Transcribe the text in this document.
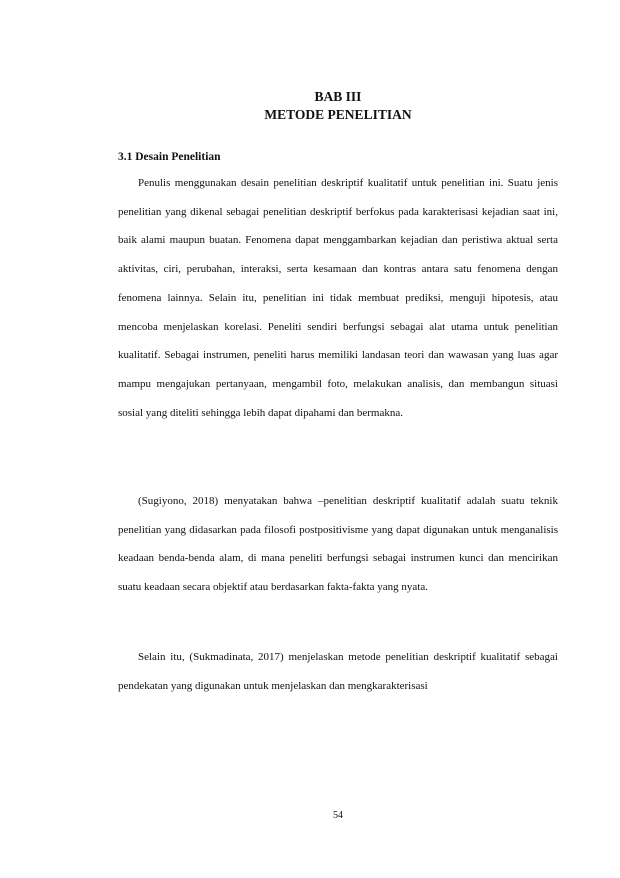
BAB III
METODE PENELITIAN
3.1 Desain Penelitian

Penulis menggunakan desain penelitian deskriptif kualitatif untuk penelitian ini. Suatu jenis penelitian yang dikenal sebagai penelitian deskriptif berfokus pada karakterisasi kejadian saat ini, baik alami maupun buatan. Fenomena dapat menggambarkan kejadian dan peristiwa aktual serta aktivitas, ciri, perubahan, interaksi, serta kesamaan dan kontras antara satu fenomena dengan fenomena lainnya. Selain itu, penelitian ini tidak membuat prediksi, menguji hipotesis, atau mencoba menjelaskan korelasi. Peneliti sendiri berfungsi sebagai alat utama untuk penelitian kualitatif. Sebagai instrumen, peneliti harus memiliki landasan teori dan wawasan yang luas agar mampu mengajukan pertanyaan, mengambil foto, melakukan analisis, dan membangun situasi sosial yang diteliti sehingga lebih dapat dipahami dan bermakna.

(Sugiyono, 2018) menyatakan bahwa –penelitian deskriptif kualitatif adalah suatu teknik penelitian yang didasarkan pada filosofi postpositivisme yang dapat digunakan untuk menganalisis keadaan benda-benda alam, di mana peneliti berfungsi sebagai instrumen kunci dan mencirikan suatu keadaan secara objektif atau berdasarkan fakta-fakta yang nyata.

Selain itu, (Sukmadinata, 2017) menjelaskan metode penelitian deskriptif kualitatif sebagai pendekatan yang digunakan untuk menjelaskan dan mengkarakterisasi

54
